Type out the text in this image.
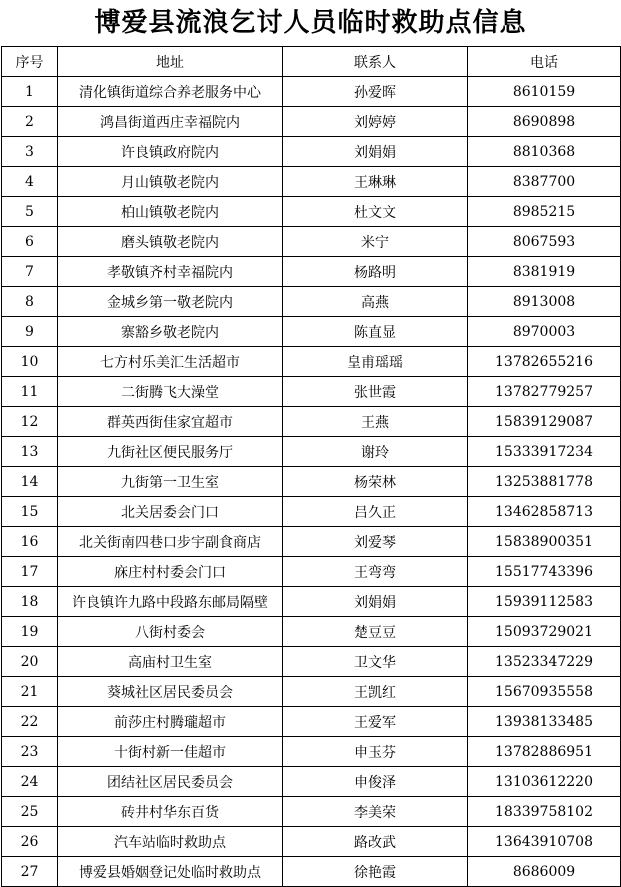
博爱县流浪乞讨人员临时救助点信息
序号	地址	联系人	电话
1	清化镇街道综合养老服务中心	孙爱晖	8610159
2	鸿昌街道西庄幸福院内	刘婷婷	8690898
3	许良镇政府院内	刘娟娟	8810368
4	月山镇敬老院内	王琳琳	8387700
5	柏山镇敬老院内	杜文文	8985215
6	磨头镇敬老院内	米宁	8067593
7	孝敬镇齐村幸福院内	杨路明	8381919
8	金城乡第一敬老院内	高燕	8913008
9	寨豁乡敬老院内	陈直显	8970003
10	七方村乐美汇生活超市	皇甫瑶瑶	13782655216
11	二街腾飞大澡堂	张世霞	13782779257
12	群英西街佳家宜超市	王燕	15839129087
13	九街社区便民服务厅	谢玲	15333917234
14	九街第一卫生室	杨荣林	13253881778
15	北关居委会门口	吕久正	13462858713
16	北关街南四巷口步宇副食商店	刘爱琴	15838900351
17	庥庄村村委会门口	王弯弯	15517743396
18	许良镇许九路中段路东邮局隔壁	刘娟娟	15939112583
19	八街村委会	楚豆豆	15093729021
20	高庙村卫生室	卫文华	13523347229
21	葵城社区居民委员会	王凯红	15670935558
22	前莎庄村腾瓏超市	王爱军	13938133485
23	十街村新一佳超市	申玉芬	13782886951
24	团结社区居民委员会	申俊泽	13103612220
25	砖井村华东百货	李美荣	18339758102
26	汽车站临时救助点	路改武	13643910708
27	博爱县婚姻登记处临时救助点	徐艳霞	8686009
